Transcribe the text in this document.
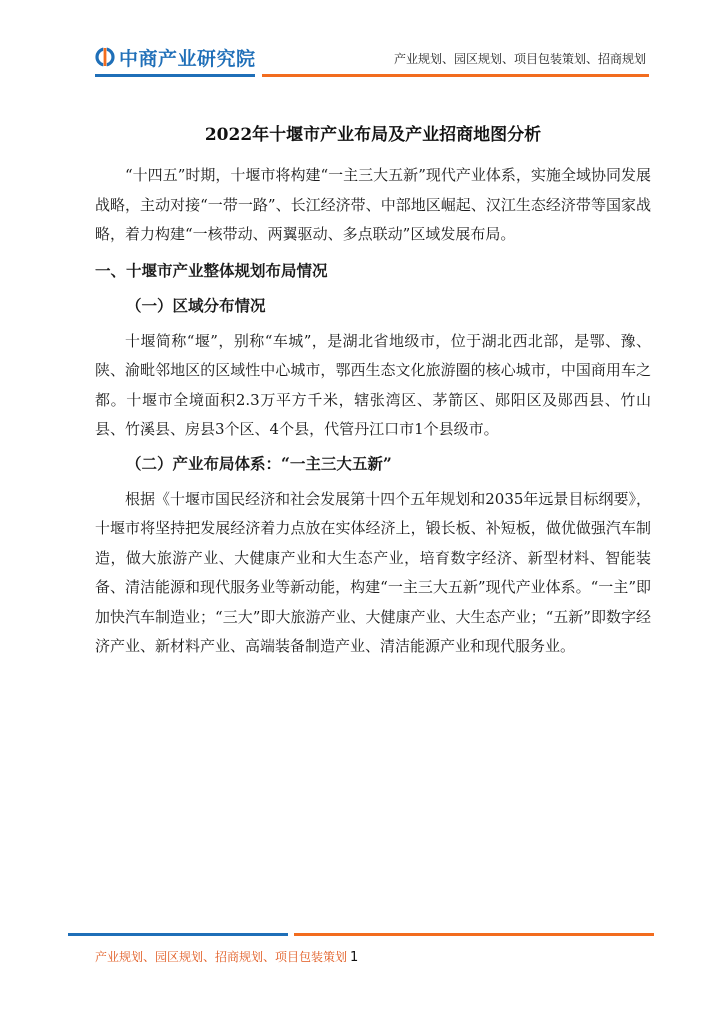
中商产业研究院	产业规划、园区规划、项目包装策划、招商规划
2022年十堰市产业布局及产业招商地图分析

“十四五”时期，十堰市将构建“一主三大五新”现代产业体系，实施全域协同发展战略，主动对接“一带一路”、长江经济带、中部地区崛起、汉江生态经济带等国家战略，着力构建“一核带动、两翼驱动、多点联动”区域发展布局。

一、十堰市产业整体规划布局情况
（一）区域分布情况

十堰简称“堰”，别称“车城”，是湖北省地级市，位于湖北西北部，是鄂、豫、陕、渝毗邻地区的区域性中心城市，鄂西生态文化旅游圈的核心城市，中国商用车之都。十堰市全境面积2.3万平方千米，辖张湾区、茅箭区、郧阳区及郧西县、竹山县、竹溪县、房县3个区、4个县，代管丹江口市1个县级市。

（二）产业布局体系：“一主三大五新”

根据《十堰市国民经济和社会发展第十四个五年规划和2035年远景目标纲要》，十堰市将坚持把发展经济着力点放在实体经济上，锻长板、补短板，做优做强汽车制造，做大旅游产业、大健康产业和大生态产业，培育数字经济、新型材料、智能装备、清洁能源和现代服务业等新动能，构建“一主三大五新”现代产业体系。“一主”即加快汽车制造业；“三大”即大旅游产业、大健康产业、大生态产业；“五新”即数字经济产业、新材料产业、高端装备制造产业、清洁能源产业和现代服务业。

产业规划、园区规划、招商规划、项目包装策划 1
